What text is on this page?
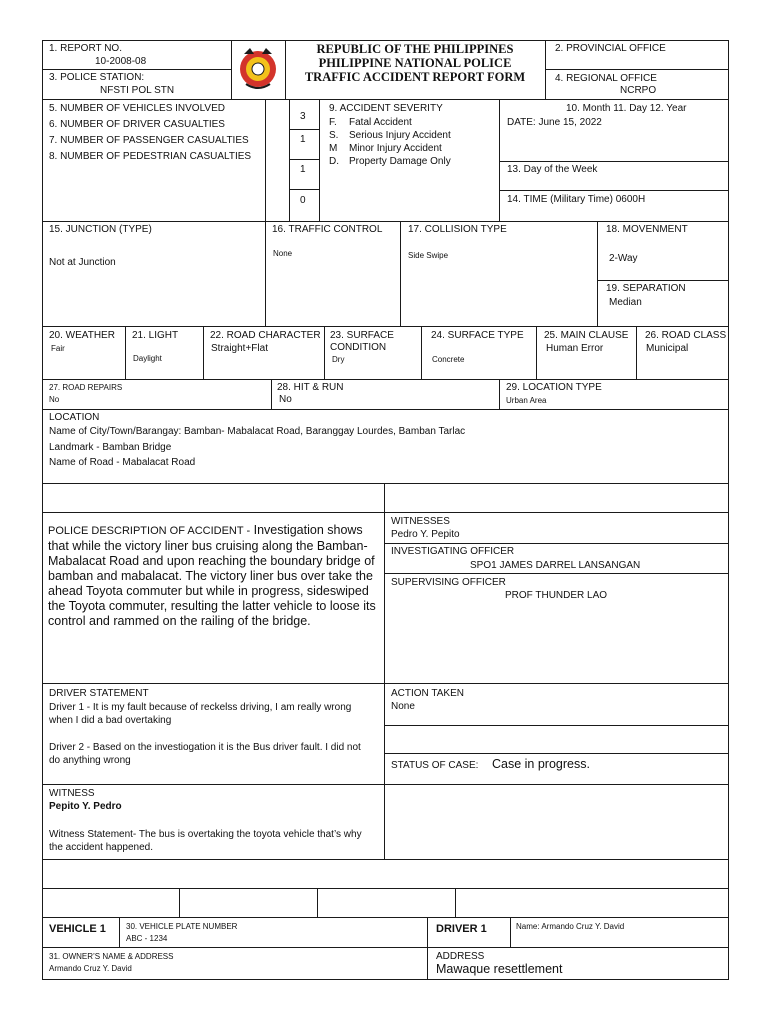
1. REPORT NO.
10-2008-08
3. POLICE STATION:
NFSTI POL STN
REPUBLIC OF THE PHILIPPINES
PHILIPPINE NATIONAL POLICE
TRAFFIC ACCIDENT REPORT FORM
2. PROVINCIAL OFFICE
4. REGIONAL OFFICE
NCRPO
5. NUMBER OF VEHICLES INVOLVED
6. NUMBER OF DRIVER CASUALTIES
7. NUMBER OF PASSENGER CASUALTIES
8. NUMBER OF PEDESTRIAN CASUALTIES
3
1
1
0
9. ACCIDENT SEVERITY
F. Fatal Accident
S. Serious Injury Accident
M Minor Injury Accident
D. Property Damage Only
10. Month 11. Day 12. Year
DATE: June 15, 2022
13. Day of the Week
14. TIME (Military Time) 0600H
15. JUNCTION (TYPE)
Not at Junction
16. TRAFFIC CONTROL
None
17. COLLISION TYPE
Side Swipe
18. MOVENMENT
2-Way
19. SEPARATION
Median
20. WEATHER
Fair
21. LIGHT
Daylight
22. ROAD CHARACTER
Straight+Flat
23. SURFACE
CONDITION
Dry
24. SURFACE TYPE
Concrete
25. MAIN CLAUSE
Human Error
26. ROAD CLASS
Municipal
27. ROAD REPAIRS
No
28. HIT & RUN
No
29. LOCATION TYPE
Urban Area
LOCATION
Name of City/Town/Barangay: Bamban- Mabalacat Road, Baranggay Lourdes, Bamban Tarlac
Landmark - Bamban Bridge
Name of Road - Mabalacat Road
POLICE DESCRIPTION OF ACCIDENT - Investigation shows that while the victory liner bus cruising along the Bamban-Mabalacat Road and upon reaching the boundary bridge of bamban and mabalacat. The victory liner bus over take the ahead Toyota commuter but while in progress, sideswiped the Toyota commuter, resulting the latter vehicle to loose its control and rammed on the railing of the bridge.
WITNESSES
Pedro Y. Pepito
INVESTIGATING OFFICER
SPO1 JAMES DARREL LANSANGAN
SUPERVISING OFFICER
PROF THUNDER LAO
DRIVER STATEMENT
Driver 1 - It is my fault because of reckelss driving, I am really wrong when I did a bad overtaking
Driver 2 - Based on the investiogation it is the Bus driver fault. I did not do anything wrong
ACTION TAKEN
None
STATUS OF CASE: Case in progress.
WITNESS
Pepito Y. Pedro
Witness Statement- The bus is overtaking the toyota vehicle that’s why the accident happened.
VEHICLE 1	30. VEHICLE PLATE NUMBER
ABC - 1234
DRIVER 1	Name: Armando Cruz Y. David
31. OWNER’S NAME & ADDRESS
Armando Cruz Y. David
ADDRESS
Mawaque resettlement
